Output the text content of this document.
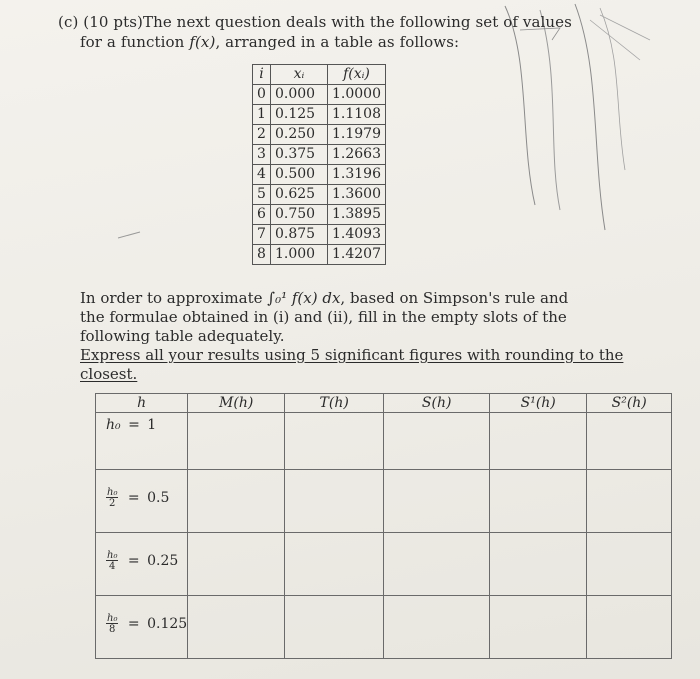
(c) (10 pts)The next question deals with the following set of values
for a function f(x), arranged in a table as follows:
i	xᵢ	f(xᵢ)
0	0.000	1.0000
1	0.125	1.1108
2	0.250	1.1979
3	0.375	1.2663
4	0.500	1.3196
5	0.625	1.3600
6	0.750	1.3895
7	0.875	1.4093
8	1.000	1.4207
In order to approximate ∫₀¹ f(x) dx, based on Simpson's rule and
the formulae obtained in (i) and (ii), fill in the empty slots of the
following table adequately.
Express all your results using 5 significant figures with rounding to the closest.
h	M(h)	T(h)	S(h)	S¹(h)	S²(h)
h₀ = 1					

$\frac{\text{h₀}}{2} = 0.5$					

$\frac{\text{h₀}}{4} = 0.25$					

$\frac{\text{h₀}}{8} = 0.125$					
